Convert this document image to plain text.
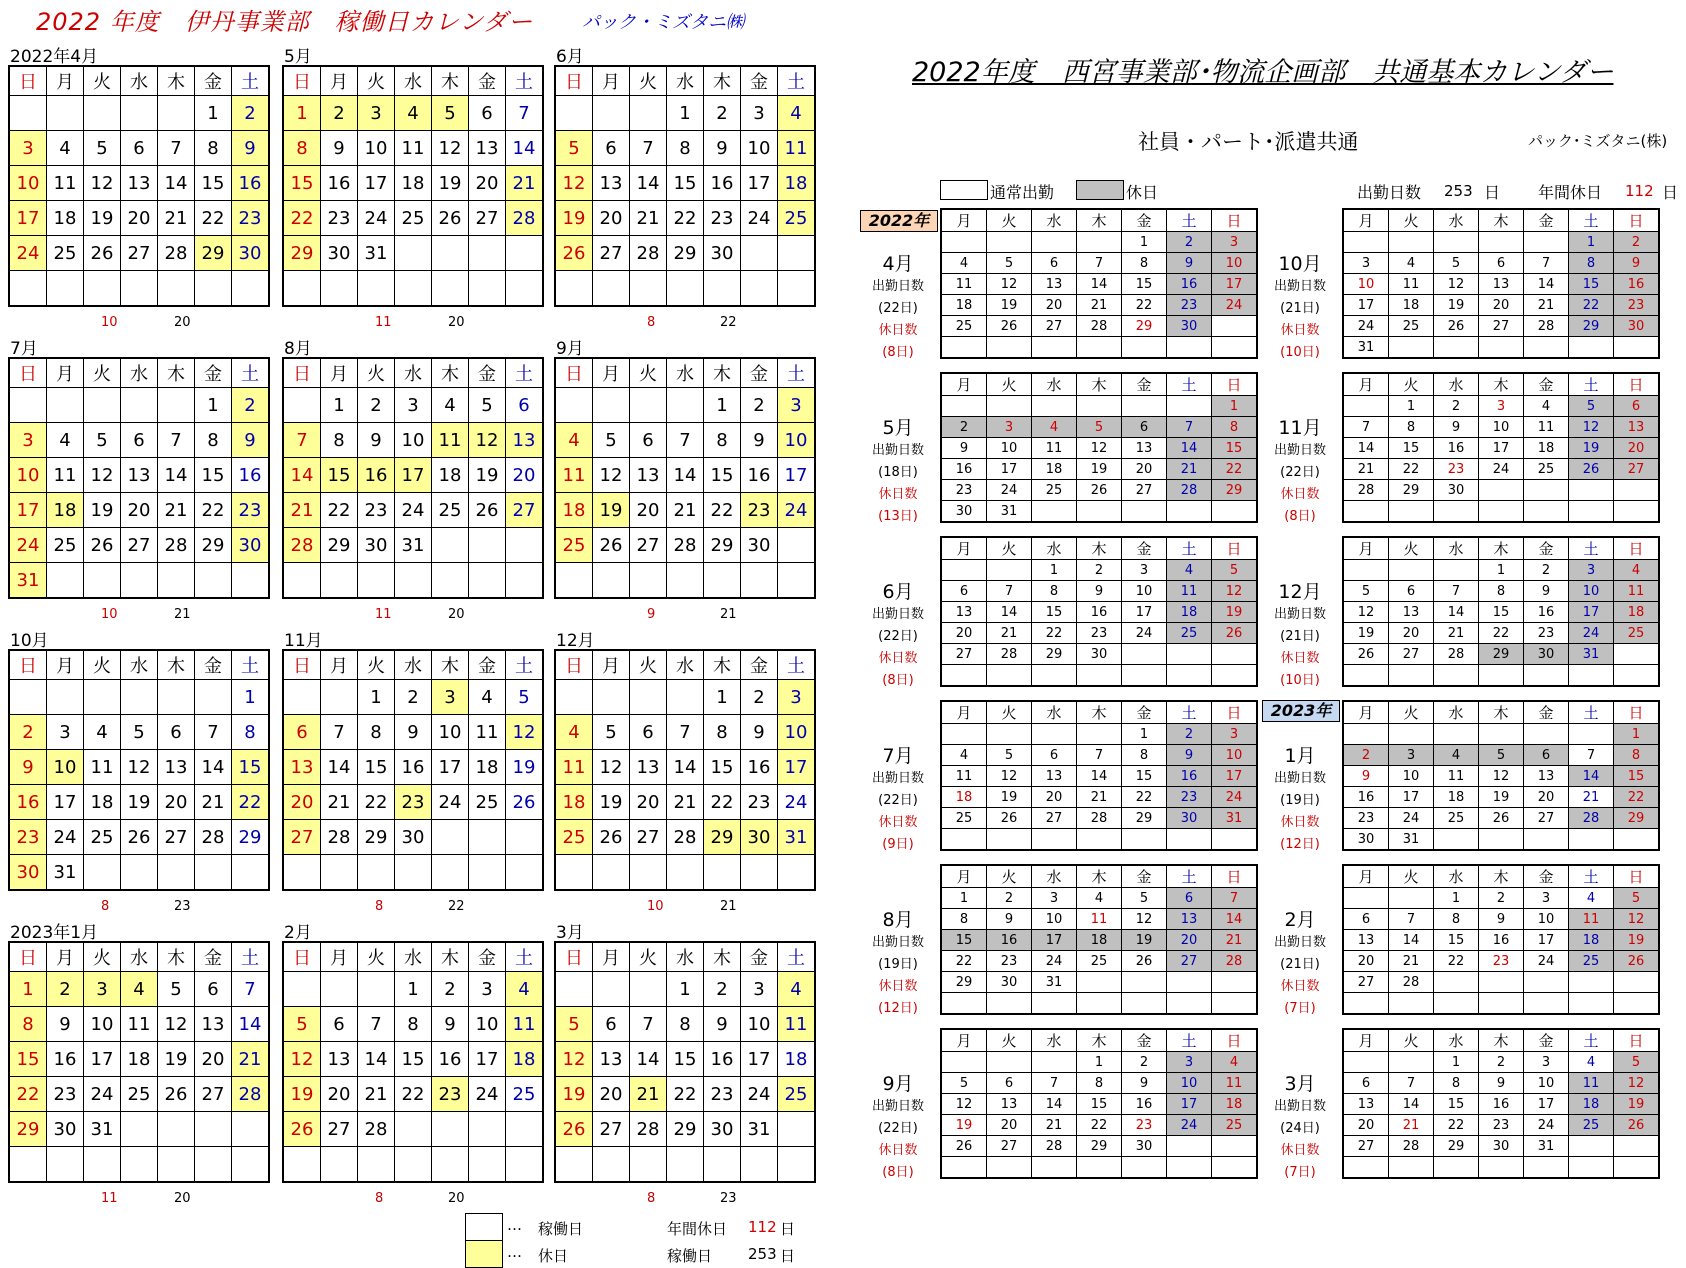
2022 年度　伊丹事業部　稼働日カレンダー	パック・ミズタニ㈱
2022年4月
日	月	火	水	木	金	土
					1	2
3	4	5	6	7	8	9
10	11	12	13	14	15	16
17	18	19	20	21	22	23
24	25	26	27	28	29	30

10	20
5月
日	月	火	水	木	金	土
1	2	3	4	5	6	7
8	9	10	11	12	13	14
15	16	17	18	19	20	21
22	23	24	25	26	27	28
29	30	31				

11	20
6月
日	月	火	水	木	金	土
			1	2	3	4
5	6	7	8	9	10	11
12	13	14	15	16	17	18
19	20	21	22	23	24	25
26	27	28	29	30		

8	22
7月
日	月	火	水	木	金	土
					1	2
3	4	5	6	7	8	9
10	11	12	13	14	15	16
17	18	19	20	21	22	23
24	25	26	27	28	29	30
31						
10	21
8月
日	月	火	水	木	金	土
	1	2	3	4	5	6
7	8	9	10	11	12	13
14	15	16	17	18	19	20
21	22	23	24	25	26	27
28	29	30	31			

11	20
9月
日	月	火	水	木	金	土
				1	2	3
4	5	6	7	8	9	10
11	12	13	14	15	16	17
18	19	20	21	22	23	24
25	26	27	28	29	30	

9	21
10月
日	月	火	水	木	金	土
						1
2	3	4	5	6	7	8
9	10	11	12	13	14	15
16	17	18	19	20	21	22
23	24	25	26	27	28	29
30	31					
8	23
11月
日	月	火	水	木	金	土
		1	2	3	4	5
6	7	8	9	10	11	12
13	14	15	16	17	18	19
20	21	22	23	24	25	26
27	28	29	30			

8	22
12月
日	月	火	水	木	金	土
				1	2	3
4	5	6	7	8	9	10
11	12	13	14	15	16	17
18	19	20	21	22	23	24
25	26	27	28	29	30	31

10	21
2023年1月
日	月	火	水	木	金	土
1	2	3	4	5	6	7
8	9	10	11	12	13	14
15	16	17	18	19	20	21
22	23	24	25	26	27	28
29	30	31				

11	20
2月
日	月	火	水	木	金	土
			1	2	3	4
5	6	7	8	9	10	11
12	13	14	15	16	17	18
19	20	21	22	23	24	25
26	27	28				

8	20
3月
日	月	火	水	木	金	土
			1	2	3	4
5	6	7	8	9	10	11
12	13	14	15	16	17	18
19	20	21	22	23	24	25
26	27	28	29	30	31	

8	23
… 稼働日
… 休日
年間休日 112 日
稼働日 253 日
2022年度　西宮事業部･物流企画部　共通基本カレンダー
社員・パート･派遣共通	パック･ミズタニ(株)
通常出勤	休日	出勤日数 253 日 年間休日 112 日
2022年
2023年
月	火	水	木	金	土	日
				1	2	3
4	5	6	7	8	9	10
11	12	13	14	15	16	17
18	19	20	21	22	23	24
25	26	27	28	29	30	

4月
出勤日数
(22日)
休日数
(8日)
月	火	水	木	金	土	日
						1
2	3	4	5	6	7	8
9	10	11	12	13	14	15
16	17	18	19	20	21	22
23	24	25	26	27	28	29
30	31					
5月
出勤日数
(18日)
休日数
(13日)
月	火	水	木	金	土	日
		1	2	3	4	5
6	7	8	9	10	11	12
13	14	15	16	17	18	19
20	21	22	23	24	25	26
27	28	29	30			

6月
出勤日数
(22日)
休日数
(8日)
月	火	水	木	金	土	日
				1	2	3
4	5	6	7	8	9	10
11	12	13	14	15	16	17
18	19	20	21	22	23	24
25	26	27	28	29	30	31

7月
出勤日数
(22日)
休日数
(9日)
月	火	水	木	金	土	日
1	2	3	4	5	6	7
8	9	10	11	12	13	14
15	16	17	18	19	20	21
22	23	24	25	26	27	28
29	30	31				

8月
出勤日数
(19日)
休日数
(12日)
月	火	水	木	金	土	日
			1	2	3	4
5	6	7	8	9	10	11
12	13	14	15	16	17	18
19	20	21	22	23	24	25
26	27	28	29	30		

9月
出勤日数
(22日)
休日数
(8日)
月	火	水	木	金	土	日
					1	2
3	4	5	6	7	8	9
10	11	12	13	14	15	16
17	18	19	20	21	22	23
24	25	26	27	28	29	30
31						
10月
出勤日数
(21日)
休日数
(10日)
月	火	水	木	金	土	日
	1	2	3	4	5	6
7	8	9	10	11	12	13
14	15	16	17	18	19	20
21	22	23	24	25	26	27
28	29	30				

11月
出勤日数
(22日)
休日数
(8日)
月	火	水	木	金	土	日
			1	2	3	4
5	6	7	8	9	10	11
12	13	14	15	16	17	18
19	20	21	22	23	24	25
26	27	28	29	30	31	

12月
出勤日数
(21日)
休日数
(10日)
月	火	水	木	金	土	日
						1
2	3	4	5	6	7	8
9	10	11	12	13	14	15
16	17	18	19	20	21	22
23	24	25	26	27	28	29
30	31					
1月
出勤日数
(19日)
休日数
(12日)
月	火	水	木	金	土	日
		1	2	3	4	5
6	7	8	9	10	11	12
13	14	15	16	17	18	19
20	21	22	23	24	25	26
27	28					

2月
出勤日数
(21日)
休日数
(7日)
月	火	水	木	金	土	日
		1	2	3	4	5
6	7	8	9	10	11	12
13	14	15	16	17	18	19
20	21	22	23	24	25	26
27	28	29	30	31		

3月
出勤日数
(24日)
休日数
(7日)
